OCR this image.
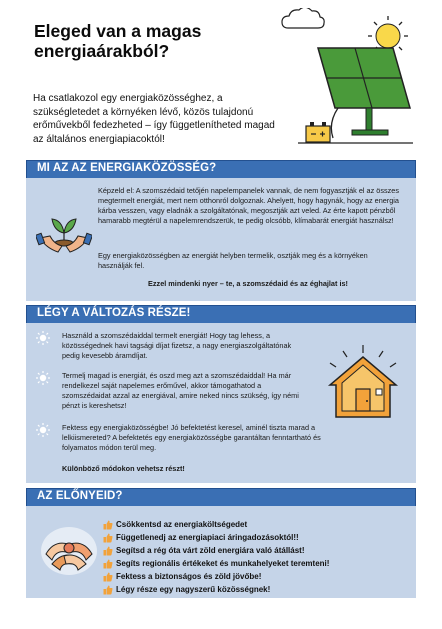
Eleged van a magas energiaárakból?
Ha csatlakozol egy energiaközösséghez, a szükségletedet a környéken lévő, közös tulajdonú erőművekből fedezheted – így függetlenítheted magad az általános energiapiacoktól!
MI AZ AZ ENERGIAKÖZÖSSÉG?
Képzeld el: A szomszédaid tetőjén napelempanelek vannak, de nem fogyasztják el az összes megtermelt energiát, mert nem otthonról dolgoznak. Ahelyett, hogy hagynák, hogy az energia kárba vesszen, vagy eladnák a szolgáltatónak, megosztják azt veled. Az érte kapott pénzből hamarabb megtérül a napelemrendszerük, te pedig olcsóbb, klímabarát energiát használsz!
Egy energiaközösségben az energiát helyben termelik, osztják meg és a környéken használják fel.
Ezzel mindenki nyer – te, a szomszédaid és az éghajlat is!
LÉGY A VÁLTOZÁS RÉSZE!
Használd a szomszédaiddal termelt energiát! Hogy tag lehess, a közösségednek havi tagsági díjat fizetsz, a nagy energiaszolgáltatónak pedig kevesebb áramdíjat.
Termelj magad is energiát, és oszd meg azt a szomszédaiddal! Ha már rendelkezel saját napelemes erőművel, akkor támogathatod a szomszédaidat azzal az energiával, amire neked nincs szükség, így némi pénzt is kereshetsz!
Fektess egy energiaközösségbe! Jó befektetést keresel, aminél tiszta marad a lelkiismereted? A befektetés egy energiaközösségbe garantáltan fenntartható és folyamatos módon terül meg.
Különböző módokon vehetsz részt!
AZ ELŐNYEID?
Csökkentsd az energiaköltségedet
Függetlenedj az energiapiaci áringadozásoktól!!
Segítsd a rég óta várt zöld energiára való átállást!
Segíts regionális értékeket és munkahelyeket teremteni!
Fektess a biztonságos és zöld jövőbe!
Légy része egy nagyszerű közösségnek!
